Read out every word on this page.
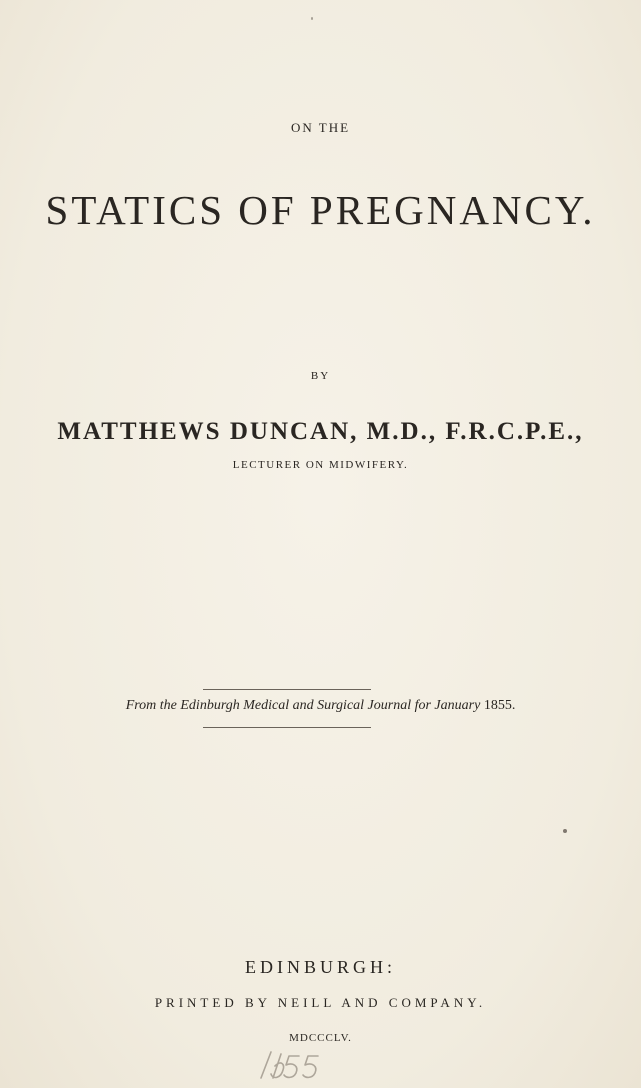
ON THE
STATICS OF PREGNANCY.
BY
MATTHEWS DUNCAN, M.D., F.R.C.P.E.,
LECTURER ON MIDWIFERY.
From the Edinburgh Medical and Surgical Journal for January 1855.
EDINBURGH:
PRINTED BY NEILL AND COMPANY.
MDCCCLV.
